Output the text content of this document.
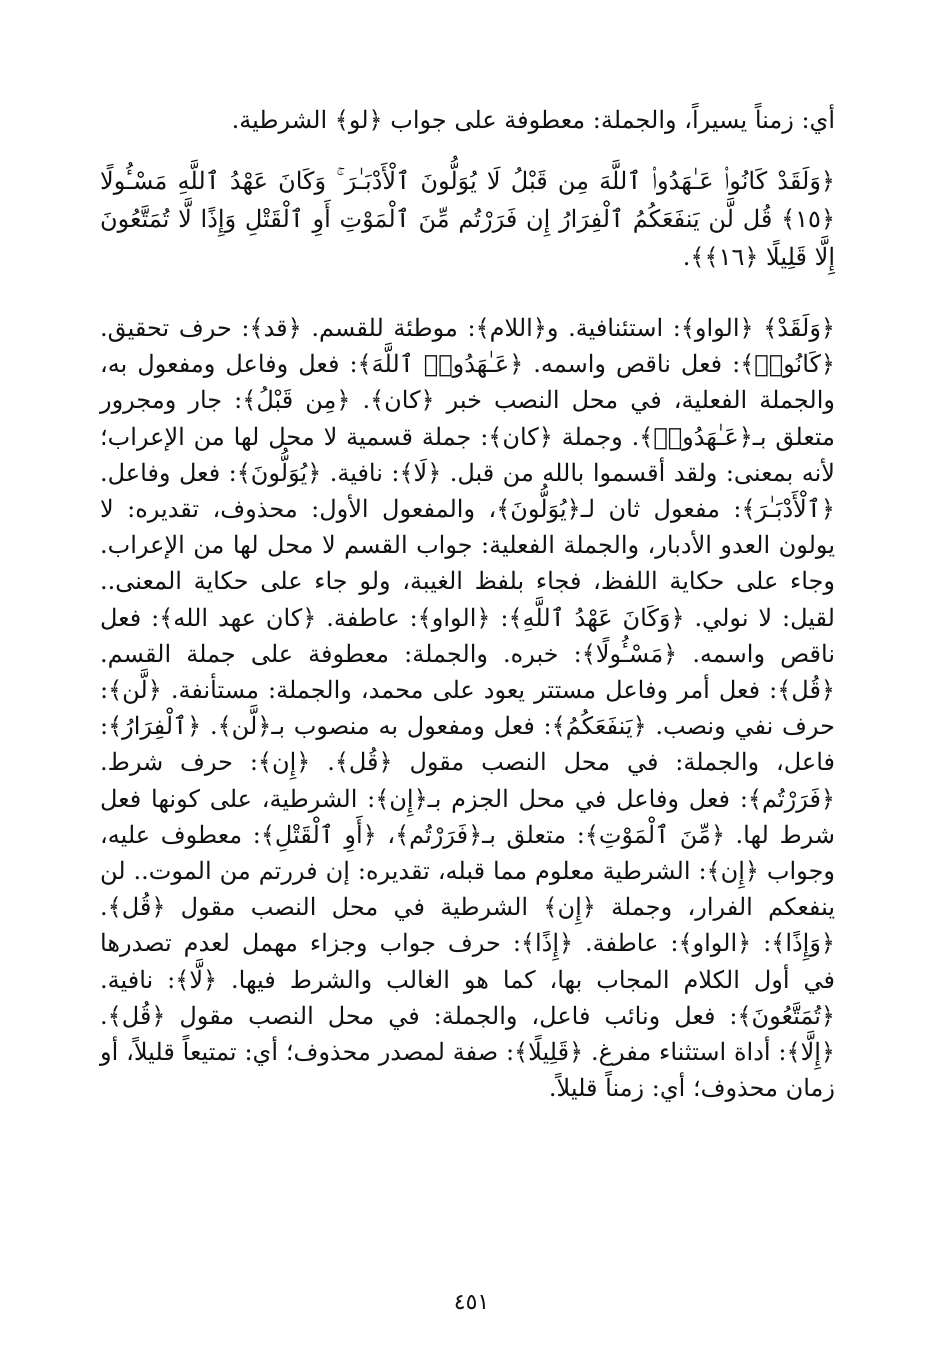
أي: زمناً يسيراً، والجملة: معطوفة على جواب ﴿لو﴾ الشرطية.

﴿وَلَقَدْ كَانُوا۟ عَـٰهَدُوا۟ ٱللَّهَ مِن قَبْلُ لَا يُوَلُّونَ ٱلْأَدْبَـٰرَ ۚ وَكَانَ عَهْدُ ٱللَّهِ مَسْـُٔولًا ﴿١٥﴾ قُل لَّن يَنفَعَكُمُ ٱلْفِرَارُ إِن فَرَرْتُم مِّنَ ٱلْمَوْتِ أَوِ ٱلْقَتْلِ وَإِذًا لَّا تُمَتَّعُونَ إِلَّا قَلِيلًا ﴿١٦﴾﴾.

﴿وَلَقَدْ﴾ ﴿الواو﴾: استئنافية. و﴿اللام﴾: موطئة للقسم. ﴿قد﴾: حرف تحقيق. ﴿كَانُوا۟﴾: فعل ناقص واسمه. ﴿عَـٰهَدُوا۟ ٱللَّهَ﴾: فعل وفاعل ومفعول به، والجملة الفعلية، في محل النصب خبر ﴿كان﴾. ﴿مِن قَبْلُ﴾: جار ومجرور متعلق بـ﴿عَـٰهَدُوا۟﴾. وجملة ﴿كان﴾: جملة قسمية لا محل لها من الإعراب؛ لأنه بمعنى: ولقد أقسموا بالله من قبل. ﴿لَا﴾: نافية. ﴿يُوَلُّونَ﴾: فعل وفاعل. ﴿ٱلْأَدْبَـٰرَ﴾: مفعول ثان لـ﴿يُوَلُّونَ﴾، والمفعول الأول: محذوف، تقديره: لا يولون العدو الأدبار، والجملة الفعلية: جواب القسم لا محل لها من الإعراب. وجاء على حكاية اللفظ، فجاء بلفظ الغيبة، ولو جاء على حكاية المعنى.. لقيل: لا نولي. ﴿وَكَانَ عَهْدُ ٱللَّهِ﴾: ﴿الواو﴾: عاطفة. ﴿كان عهد الله﴾: فعل ناقص واسمه. ﴿مَسْـُٔولًا﴾: خبره. والجملة: معطوفة على جملة القسم. ﴿قُل﴾: فعل أمر وفاعل مستتر يعود على محمد، والجملة: مستأنفة. ﴿لَّن﴾: حرف نفي ونصب. ﴿يَنفَعَكُمُ﴾: فعل ومفعول به منصوب بـ﴿لَّن﴾. ﴿ٱلْفِرَارُ﴾: فاعل، والجملة: في محل النصب مقول ﴿قُل﴾. ﴿إِن﴾: حرف شرط. ﴿فَرَرْتُم﴾: فعل وفاعل في محل الجزم بـ﴿إِن﴾: الشرطية، على كونها فعل شرط لها. ﴿مِّنَ ٱلْمَوْتِ﴾: متعلق بـ﴿فَرَرْتُم﴾، ﴿أَوِ ٱلْقَتْلِ﴾: معطوف عليه، وجواب ﴿إِن﴾: الشرطية معلوم مما قبله، تقديره: إن فررتم من الموت.. لن ينفعكم الفرار، وجملة ﴿إِن﴾ الشرطية في محل النصب مقول ﴿قُل﴾. ﴿وَإِذًا﴾: ﴿الواو﴾: عاطفة. ﴿إِذًا﴾: حرف جواب وجزاء مهمل لعدم تصدرها في أول الكلام المجاب بها، كما هو الغالب والشرط فيها. ﴿لَّا﴾: نافية. ﴿تُمَتَّعُونَ﴾: فعل ونائب فاعل، والجملة: في محل النصب مقول ﴿قُل﴾. ﴿إِلَّا﴾: أداة استثناء مفرغ. ﴿قَلِيلًا﴾: صفة لمصدر محذوف؛ أي: تمتيعاً قليلاً، أو زمان محذوف؛ أي: زمناً قليلاً.

٤٥١
